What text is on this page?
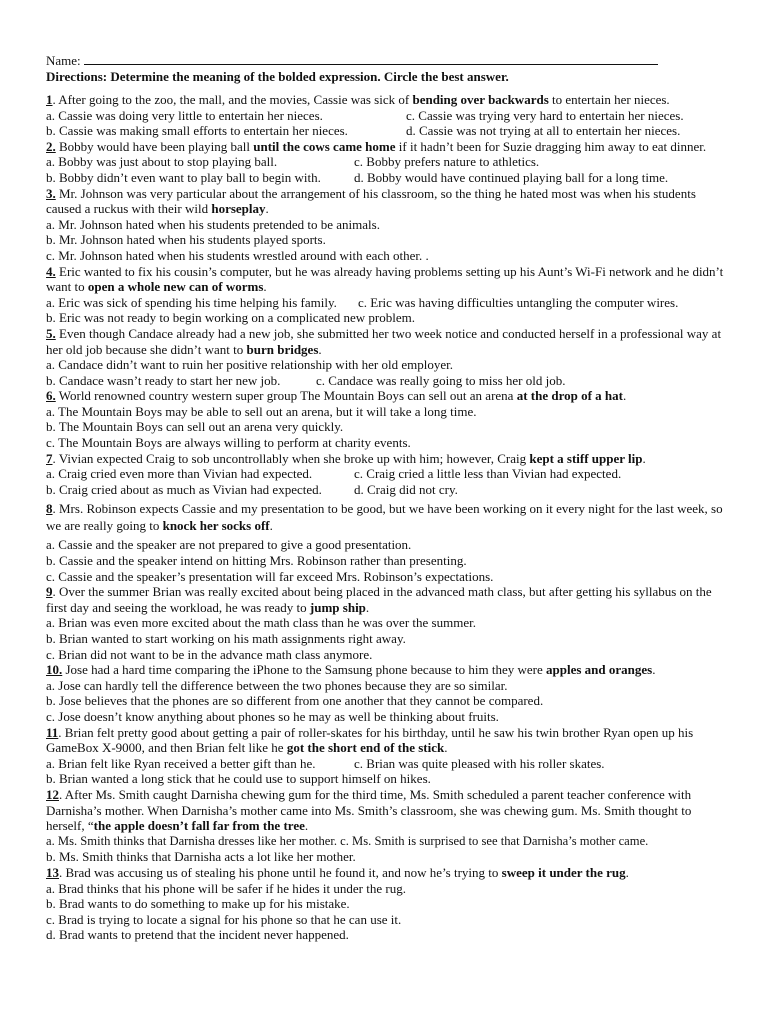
Name:
Directions: Determine the meaning of the bolded expression. Circle the best answer.
1. After going to the zoo, the mall, and the movies, Cassie was sick of bending over backwards to entertain her nieces.
a. Cassie was doing very little to entertain her nieces.	c. Cassie was trying very hard to entertain her nieces.
b. Cassie was making small efforts to entertain her nieces.	d. Cassie was not trying at all to entertain her nieces.
2. Bobby would have been playing ball until the cows came home if it hadn’t been for Suzie dragging him away to eat dinner.
a. Bobby was just about to stop playing ball.	c. Bobby prefers nature to athletics.
b. Bobby didn’t even want to play ball to begin with.	d. Bobby would have continued playing ball for a long time.
3. Mr. Johnson was very particular about the arrangement of his classroom, so the thing he hated most was when his students caused a ruckus with their wild horseplay.
a. Mr. Johnson hated when his students pretended to be animals.
b. Mr. Johnson hated when his students played sports.
c. Mr. Johnson hated when his students wrestled around with each other. .
4. Eric wanted to fix his cousin’s computer, but he was already having problems setting up his Aunt’s Wi-Fi network and he didn’t want to open a whole new can of worms.
a. Eric was sick of spending his time helping his family.	c. Eric was having difficulties untangling the computer wires.
b. Eric was not ready to begin working on a complicated new problem.
5. Even though Candace already had a new job, she submitted her two week notice and conducted herself in a professional way at her old job because she didn’t want to burn bridges.
a. Candace didn’t want to ruin her positive relationship with her old employer.
b. Candace wasn’t ready to start her new job.	c. Candace was really going to miss her old job.
6. World renowned country western super group The Mountain Boys can sell out an arena at the drop of a hat.
a. The Mountain Boys may be able to sell out an arena, but it will take a long time.
b. The Mountain Boys can sell out an arena very quickly.
c. The Mountain Boys are always willing to perform at charity events.
7. Vivian expected Craig to sob uncontrollably when she broke up with him; however, Craig kept a stiff upper lip.
a. Craig cried even more than Vivian had expected.	c. Craig cried a little less than Vivian had expected.
b. Craig cried about as much as Vivian had expected.	d. Craig did not cry.
8. Mrs. Robinson expects Cassie and my presentation to be good, but we have been working on it every night for the last week, so we are really going to knock her socks off.
a. Cassie and the speaker are not prepared to give a good presentation.
b. Cassie and the speaker intend on hitting Mrs. Robinson rather than presenting.
c. Cassie and the speaker’s presentation will far exceed Mrs. Robinson’s expectations.
9. Over the summer Brian was really excited about being placed in the advanced math class, but after getting his syllabus on the first day and seeing the workload, he was ready to jump ship.
a. Brian was even more excited about the math class than he was over the summer.
b. Brian wanted to start working on his math assignments right away.
c. Brian did not want to be in the advance math class anymore.
10. Jose had a hard time comparing the iPhone to the Samsung phone because to him they were apples and oranges.
a. Jose can hardly tell the difference between the two phones because they are so similar.
b. Jose believes that the phones are so different from one another that they cannot be compared.
c. Jose doesn’t know anything about phones so he may as well be thinking about fruits.
11. Brian felt pretty good about getting a pair of roller-skates for his birthday, until he saw his twin brother Ryan open up his GameBox X-9000, and then Brian felt like he got the short end of the stick.
a. Brian felt like Ryan received a better gift than he.	c. Brian was quite pleased with his roller skates.
b. Brian wanted a long stick that he could use to support himself on hikes.
12. After Ms. Smith caught Darnisha chewing gum for the third time, Ms. Smith scheduled a parent teacher conference with Darnisha’s mother. When Darnisha’s mother came into Ms. Smith’s classroom, she was chewing gum. Ms. Smith thought to herself, “the apple doesn’t fall far from the tree.
a. Ms. Smith thinks that Darnisha dresses like her mother. c. Ms. Smith is surprised to see that Darnisha’s mother came.
b. Ms. Smith thinks that Darnisha acts a lot like her mother.
13. Brad was accusing us of stealing his phone until he found it, and now he’s trying to sweep it under the rug.
a. Brad thinks that his phone will be safer if he hides it under the rug.
b. Brad wants to do something to make up for his mistake.
c. Brad is trying to locate a signal for his phone so that he can use it.
d. Brad wants to pretend that the incident never happened.
